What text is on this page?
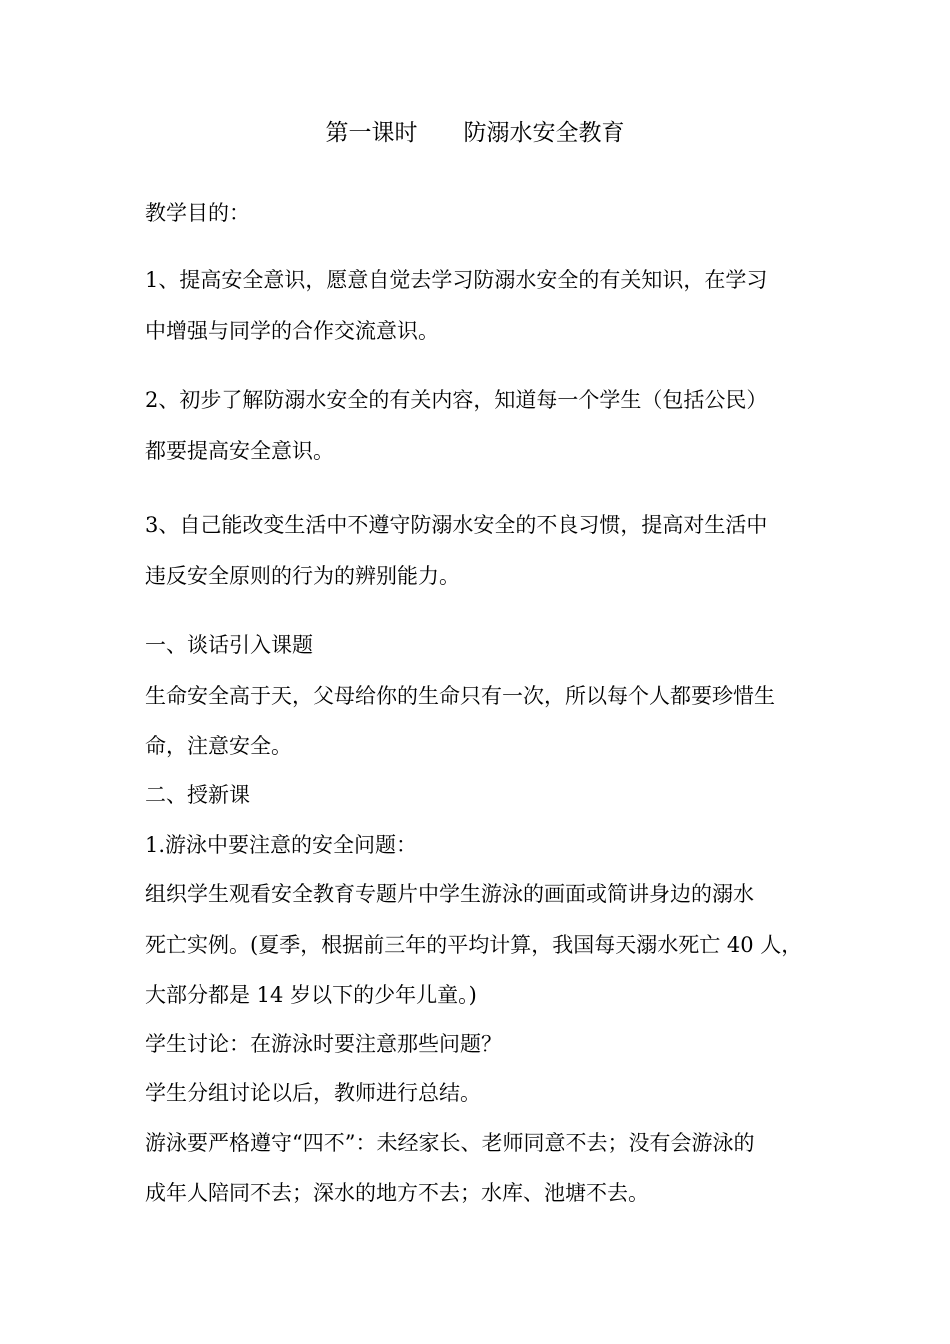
第一课时　　防溺水安全教育
教学目的：
1、提高安全意识，愿意自觉去学习防溺水安全的有关知识，在学习
中增强与同学的合作交流意识。
2、初步了解防溺水安全的有关内容，知道每一个学生（包括公民）
都要提高安全意识。
3、自己能改变生活中不遵守防溺水安全的不良习惯，提高对生活中
违反安全原则的行为的辨别能力。
一、谈话引入课题
生命安全高于天，父母给你的生命只有一次，所以每个人都要珍惜生
命，注意安全。
二、授新课
1.游泳中要注意的安全问题：
组织学生观看安全教育专题片中学生游泳的画面或简讲身边的溺水
死亡实例。(夏季，根据前三年的平均计算，我国每天溺水死亡 40 人，
大部分都是 14 岁以下的少年儿童。)
学生讨论：在游泳时要注意那些问题？
学生分组讨论以后，教师进行总结。
游泳要严格遵守“四不”：未经家长、老师同意不去；没有会游泳的
成年人陪同不去；深水的地方不去；水库、池塘不去。
